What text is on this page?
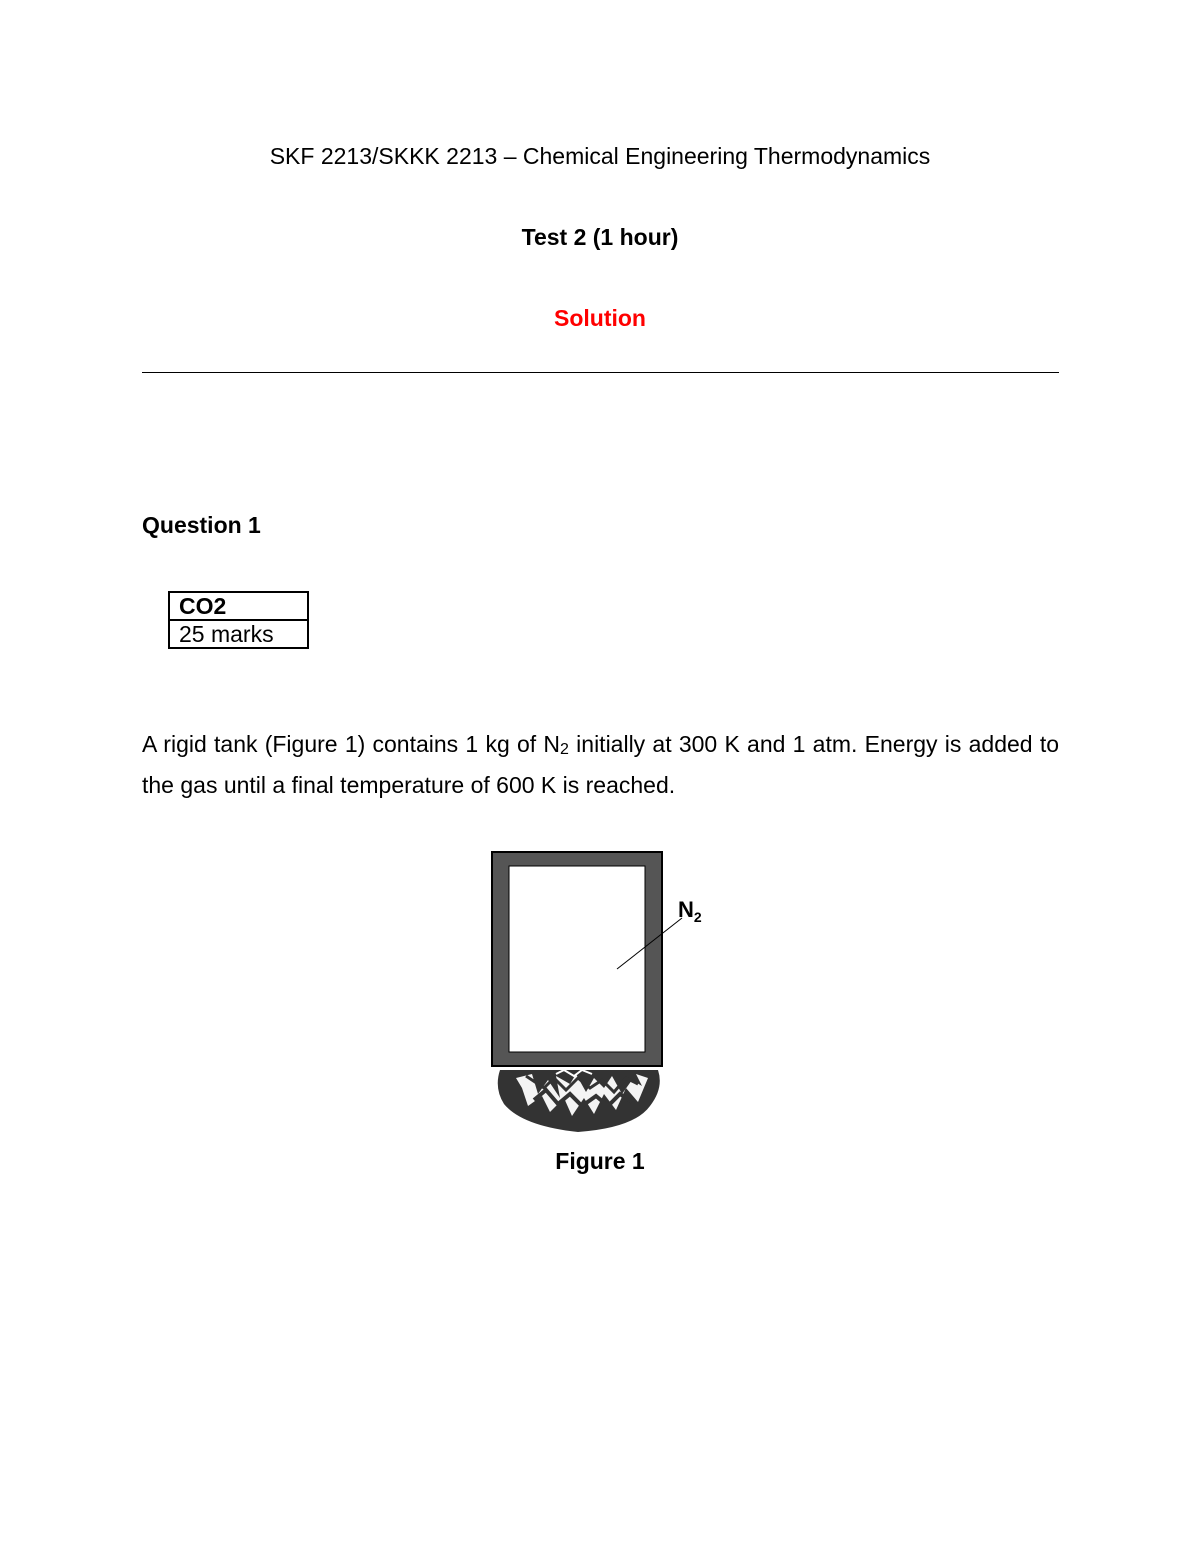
SKF 2213/SKKK 2213 – Chemical Engineering Thermodynamics
Test 2 (1 hour)
Solution
Question 1
CO2
25 marks
A rigid tank (Figure 1) contains 1 kg of $N_2$ initially at 300 K and 1 atm. Energy is added to the gas until a final temperature of 600 K is reached.
$N_2$
Figure 1
